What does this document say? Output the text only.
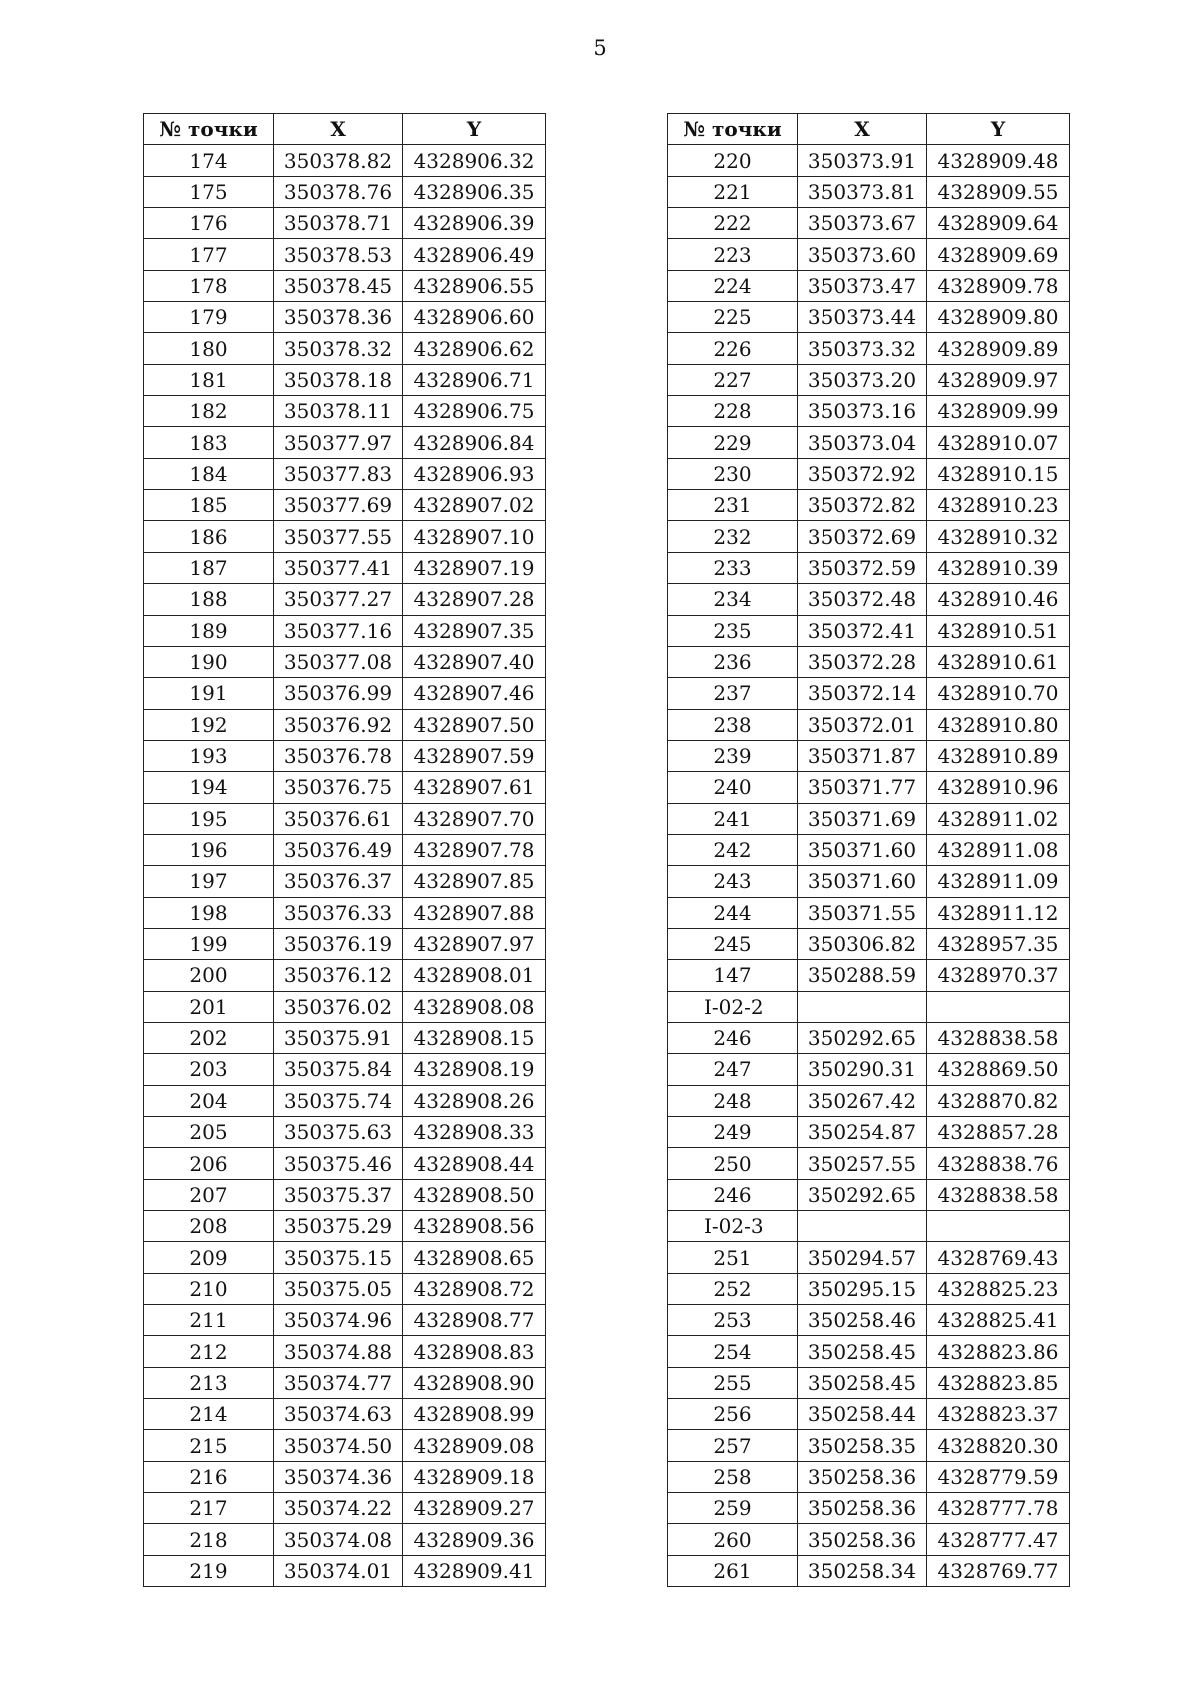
5
№ точки	X	Y
174	350378.82	4328906.32
175	350378.76	4328906.35
176	350378.71	4328906.39
177	350378.53	4328906.49
178	350378.45	4328906.55
179	350378.36	4328906.60
180	350378.32	4328906.62
181	350378.18	4328906.71
182	350378.11	4328906.75
183	350377.97	4328906.84
184	350377.83	4328906.93
185	350377.69	4328907.02
186	350377.55	4328907.10
187	350377.41	4328907.19
188	350377.27	4328907.28
189	350377.16	4328907.35
190	350377.08	4328907.40
191	350376.99	4328907.46
192	350376.92	4328907.50
193	350376.78	4328907.59
194	350376.75	4328907.61
195	350376.61	4328907.70
196	350376.49	4328907.78
197	350376.37	4328907.85
198	350376.33	4328907.88
199	350376.19	4328907.97
200	350376.12	4328908.01
201	350376.02	4328908.08
202	350375.91	4328908.15
203	350375.84	4328908.19
204	350375.74	4328908.26
205	350375.63	4328908.33
206	350375.46	4328908.44
207	350375.37	4328908.50
208	350375.29	4328908.56
209	350375.15	4328908.65
210	350375.05	4328908.72
211	350374.96	4328908.77
212	350374.88	4328908.83
213	350374.77	4328908.90
214	350374.63	4328908.99
215	350374.50	4328909.08
216	350374.36	4328909.18
217	350374.22	4328909.27
218	350374.08	4328909.36
219	350374.01	4328909.41
№ точки	X	Y
220	350373.91	4328909.48
221	350373.81	4328909.55
222	350373.67	4328909.64
223	350373.60	4328909.69
224	350373.47	4328909.78
225	350373.44	4328909.80
226	350373.32	4328909.89
227	350373.20	4328909.97
228	350373.16	4328909.99
229	350373.04	4328910.07
230	350372.92	4328910.15
231	350372.82	4328910.23
232	350372.69	4328910.32
233	350372.59	4328910.39
234	350372.48	4328910.46
235	350372.41	4328910.51
236	350372.28	4328910.61
237	350372.14	4328910.70
238	350372.01	4328910.80
239	350371.87	4328910.89
240	350371.77	4328910.96
241	350371.69	4328911.02
242	350371.60	4328911.08
243	350371.60	4328911.09
244	350371.55	4328911.12
245	350306.82	4328957.35
147	350288.59	4328970.37
I-02-2		
246	350292.65	4328838.58
247	350290.31	4328869.50
248	350267.42	4328870.82
249	350254.87	4328857.28
250	350257.55	4328838.76
246	350292.65	4328838.58
I-02-3		
251	350294.57	4328769.43
252	350295.15	4328825.23
253	350258.46	4328825.41
254	350258.45	4328823.86
255	350258.45	4328823.85
256	350258.44	4328823.37
257	350258.35	4328820.30
258	350258.36	4328779.59
259	350258.36	4328777.78
260	350258.36	4328777.47
261	350258.34	4328769.77
